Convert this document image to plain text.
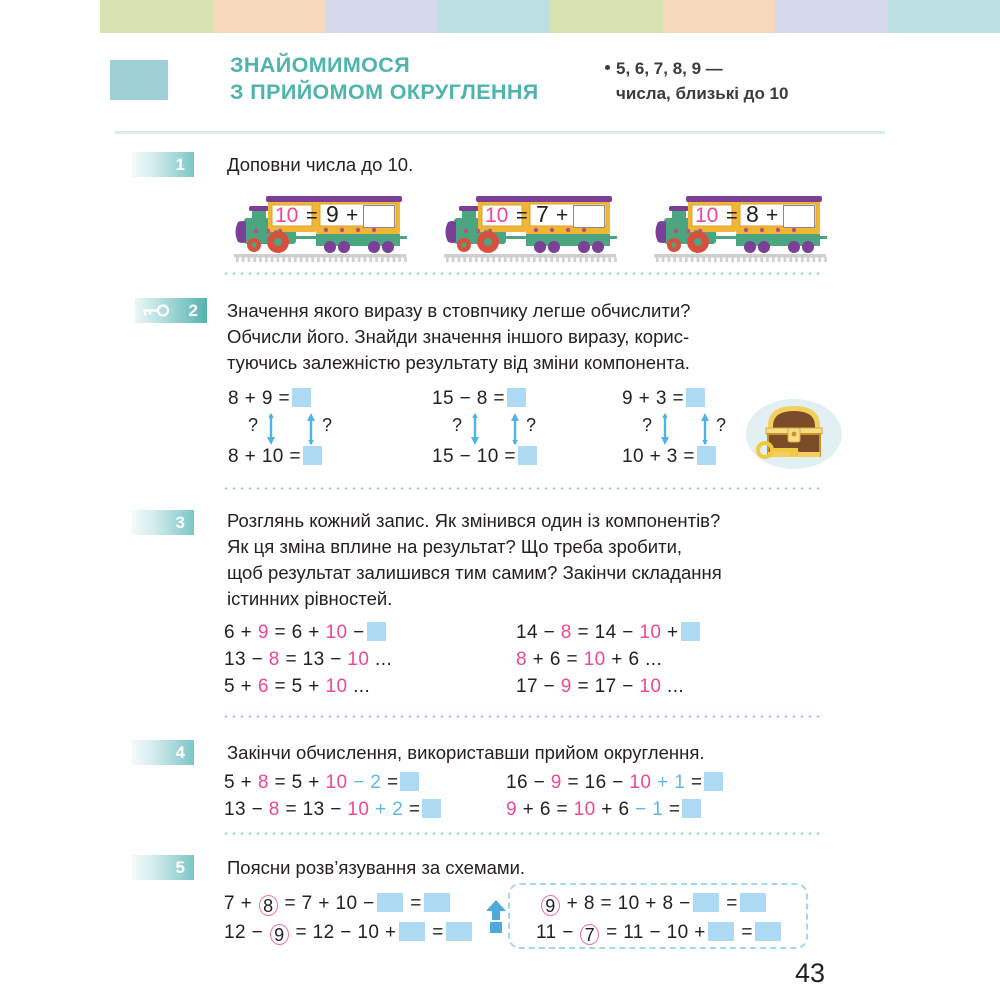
ЗНАЙОМИМОСЯ
З ПРИЙОМОМ ОКРУГЛЕННЯ
5, 6, 7, 8, 9 —
числа, близькі до 10
1	Доповни числа до 10.
10 = 9 +	10 = 7 +	10 = 8 +
2	Значення якого виразу в стовпчику легше обчислити?
Обчисли його. Знайди значення іншого виразу, корис-
туючись залежністю результату від зміни компонента.
8 + 9 =
?	?
8 + 10 =
15 − 8 =
?	?
15 − 10 =
9 + 3 =
?	?
10 + 3 =
3	Розглянь кожний запис. Як змінився один із компонентів?
Як ця зміна вплине на результат? Що треба зробити,
щоб результат залишився тим самим? Закінчи складання
істинних рівностей.
6 + 9 = 6 + 10 −
13 − 8 = 13 − 10 ...
5 + 6 = 5 + 10 ...
14 − 8 = 14 − 10 +
8 + 6 = 10 + 6 ...
17 − 9 = 17 − 10 ...
4	Закінчи обчислення, використавши прийом округлення.
5 + 8 = 5 + 10 − 2 =
13 − 8 = 13 − 10 + 2 =
16 − 9 = 16 − 10 + 1 =
9 + 6 = 10 + 6 − 1 =
5	Поясни розв’язування за схемами.
7 + 8 = 7 + 10 − =
12 − 9 = 12 − 10 + =
9 + 8 = 10 + 8 − =
11 − 7 = 11 − 10 + =
43
